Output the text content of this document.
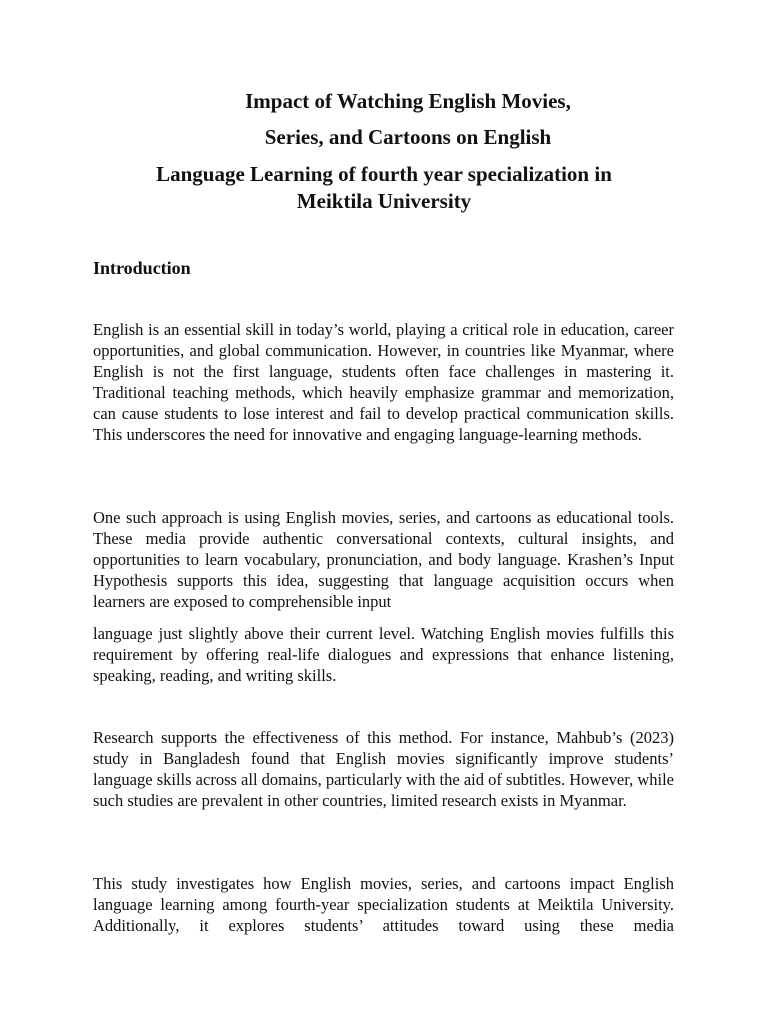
Impact of Watching English Movies,
Series, and Cartoons on English
Language Learning of fourth year specialization in
Meiktila University
Introduction

English is an essential skill in today’s world, playing a critical role in education, career opportunities, and global communication. However, in countries like Myanmar, where English is not the first language, students often face challenges in mastering it. Traditional teaching methods, which heavily emphasize grammar and memorization, can cause students to lose interest and fail to develop practical communication skills. This underscores the need for innovative and engaging language-learning methods.

One such approach is using English movies, series, and cartoons as educational tools. These media provide authentic conversational contexts, cultural insights, and opportunities to learn vocabulary, pronunciation, and body language. Krashen’s Input Hypothesis supports this idea, suggesting that language acquisition occurs when learners are exposed to comprehensible input

language just slightly above their current level. Watching English movies fulfills this requirement by offering real-life dialogues and expressions that enhance listening, speaking, reading, and writing skills.

Research supports the effectiveness of this method. For instance, Mahbub’s (2023) study in Bangladesh found that English movies significantly improve students’ language skills across all domains, particularly with the aid of subtitles. However, while such studies are prevalent in other countries, limited research exists in Myanmar.

This study investigates how English movies, series, and cartoons impact English language learning among fourth-year specialization students at Meiktila University. Additionally, it explores students’ attitudes toward using these media
